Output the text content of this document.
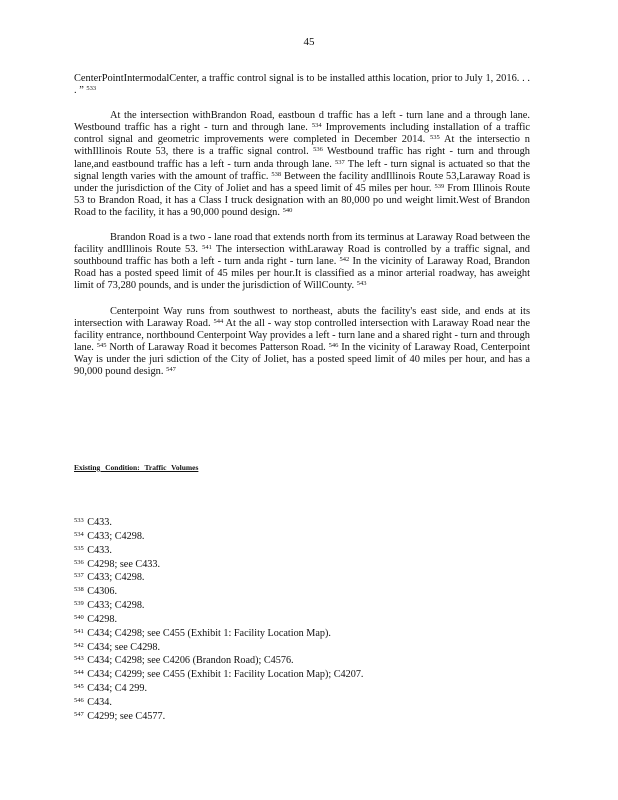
45

CenterPointIntermodalCenter, a traffic control signal is to be installed atthis location, prior to July 1, 2016. . . . ” $^{533}$

At the intersection withBrandon Road, eastboun d traffic has a left - turn lane and a through lane. Westbound traffic has a right - turn and through lane. $^{534}$ Improvements including installation of a traffic control signal and geometric improvements were completed in December 2014. $^{535}$ At the intersectio n withIllinois Route 53, there is a traffic signal control. $^{536}$ Westbound traffic has right - turn and through lane,and eastbound traffic has a left - turn anda through lane. $^{537}$ The left - turn signal is actuated so that the signal length varies with the amount of traffic. $^{538}$ Between the facility andIllinois Route 53,Laraway Road is under the jurisdiction of the City of Joliet and has a speed limit of 45 miles per hour. $^{539}$ From Illinois Route 53 to Brandon Road, it has a Class I truck designation with an 80,000 po und weight limit.West of Brandon Road to the facility, it has a 90,000 pound design. $^{540}$

Brandon Road is a two - lane road that extends north from its terminus at Laraway Road between the facility andIllinois Route 53. $^{541}$ The intersection withLaraway Road is controlled by a traffic signal, and southbound traffic has both a left - turn anda right - turn lane. $^{542}$ In the vicinity of Laraway Road, Brandon Road has a posted speed limit of 45 miles per hour.It is classified as a minor arterial roadway, has aweight limit of 73,280 pounds, and is under the jurisdiction of WillCounty. $^{543}$

Centerpoint Way runs from southwest to northeast, abuts the facility's east side, and ends at its intersection with Laraway Road. $^{544}$ At the all - way stop controlled intersection with Laraway Road near the facility entrance, northbound Centerpoint Way provides a left - turn lane and a shared right - turn and through lane. $^{545}$ North of Laraway Road it becomes Patterson Road. $^{546}$ In the vicinity of Laraway Road, Centerpoint Way is under the juri sdiction of the City of Joliet, has a posted speed limit of 40 miles per hour, and has a 90,000 pound design. $^{547}$

Existing Condition: Traffic Volumes
$^{533}$ C433.
$^{534}$ C433; C4298.
$^{535}$ C433.
$^{536}$ C4298; see C433.
$^{537}$ C433; C4298.
$^{538}$ C4306.
$^{539}$ C433; C4298.
$^{540}$ C4298.
$^{541}$ C434; C4298; see C455 (Exhibit 1: Facility Location Map).
$^{542}$ C434; see C4298.
$^{543}$ C434; C4298; see C4206 (Brandon Road); C4576.
$^{544}$ C434; C4299; see C455 (Exhibit 1: Facility Location Map); C4207.
$^{545}$ C434; C4 299.
$^{546}$ C434.
$^{547}$ C4299; see C4577.
